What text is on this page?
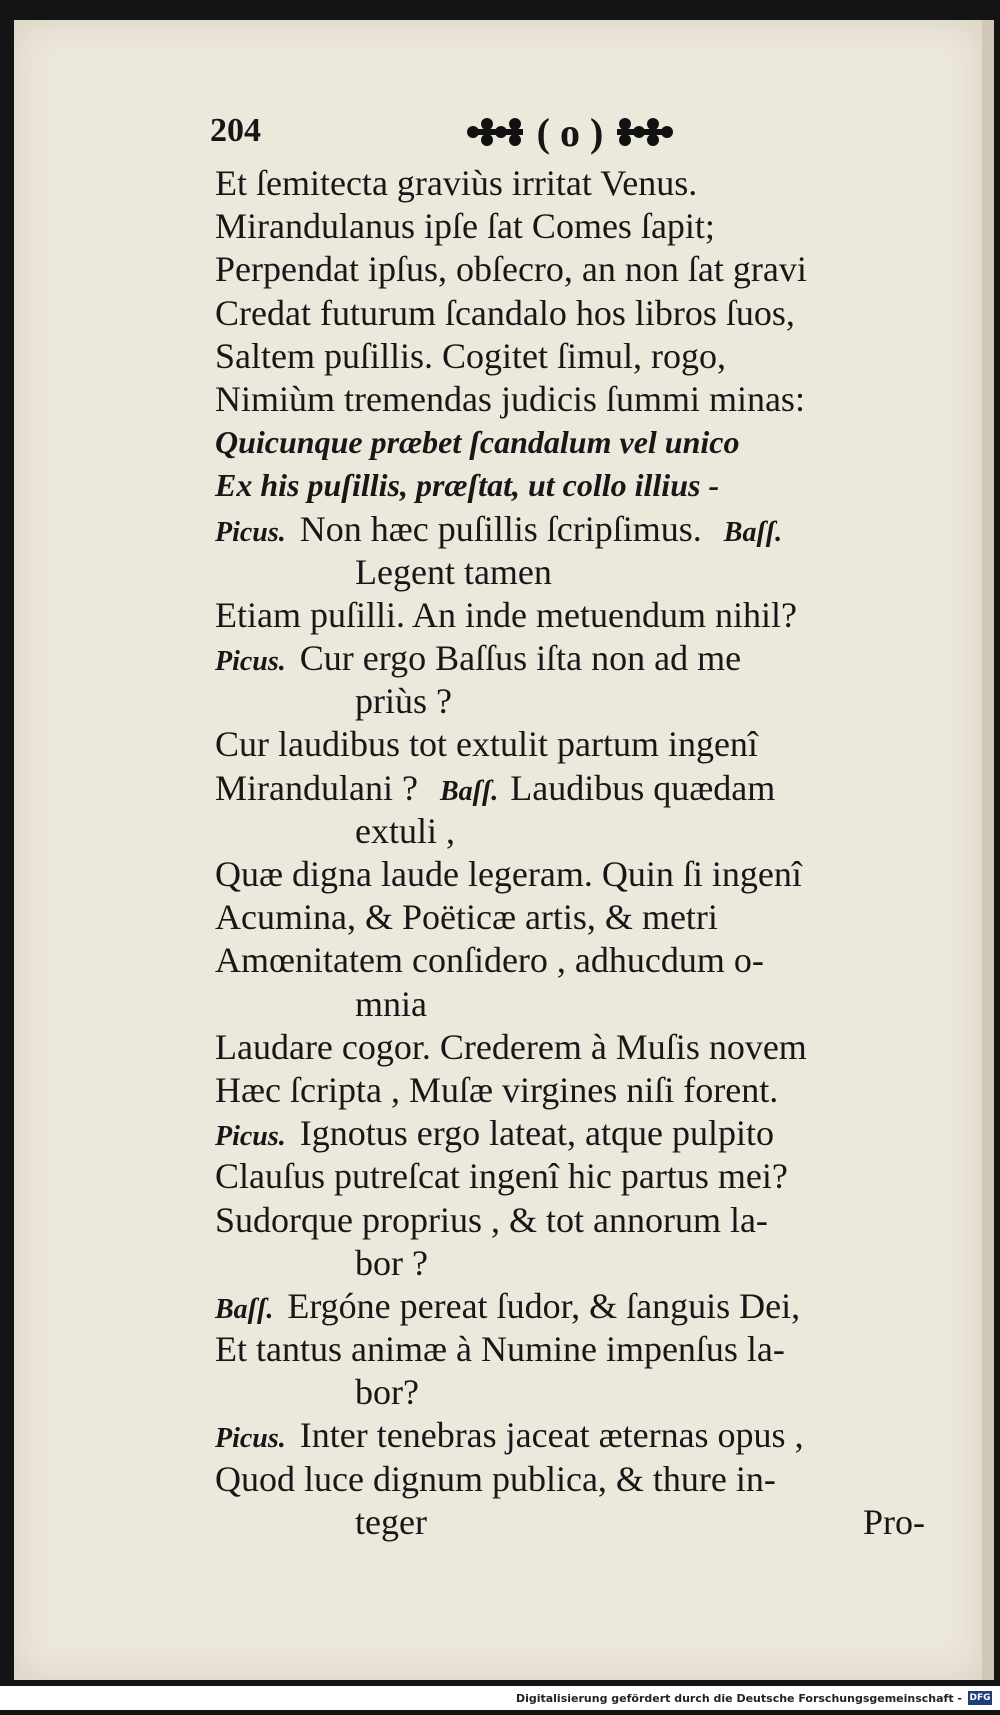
204	( o )
Et ſemitecta graviùs irritat Venus.
Mirandulanus ipſe ſat Comes ſapit;
Perpendat ipſus, obſecro, an non ſat gravi
Credat futurum ſcandalo hos libros ſuos,
Saltem puſillis. Cogitet ſimul, rogo,
Nimiùm tremendas judicis ſummi minas:
Quicunque præbet ſcandalum vel unico
Ex his puſillis, præſtat, ut collo illius -
Picus. Non hæc puſillis ſcripſimus. Baſſ.
Legent tamen
Etiam puſilli. An inde metuendum nihil?
Picus. Cur ergo Baſſus iſta non ad me
priùs ?
Cur laudibus tot extulit partum ingenî
Mirandulani ? Baſſ. Laudibus quædam
extuli ,
Quæ digna laude legeram. Quin ſi ingenî
Acumina, & Poëticæ artis, & metri
Amœnitatem conſidero , adhucdum o-
mnia
Laudare cogor. Crederem à Muſis novem
Hæc ſcripta , Muſæ virgines niſi forent.
Picus. Ignotus ergo lateat, atque pulpito
Clauſus putreſcat ingenî hic partus mei?
Sudorque proprius , & tot annorum la-
bor ?
Baſſ. Ergóne pereat ſudor, & ſanguis Dei,
Et tantus animæ à Numine impenſus la-
bor?
Picus. Inter tenebras jaceat æternas opus ,
Quod luce dignum publica, & thure in-
teger	Pro-
Digitalisierung gefördert durch die Deutsche Forschungsgemeinschaft - DFG
